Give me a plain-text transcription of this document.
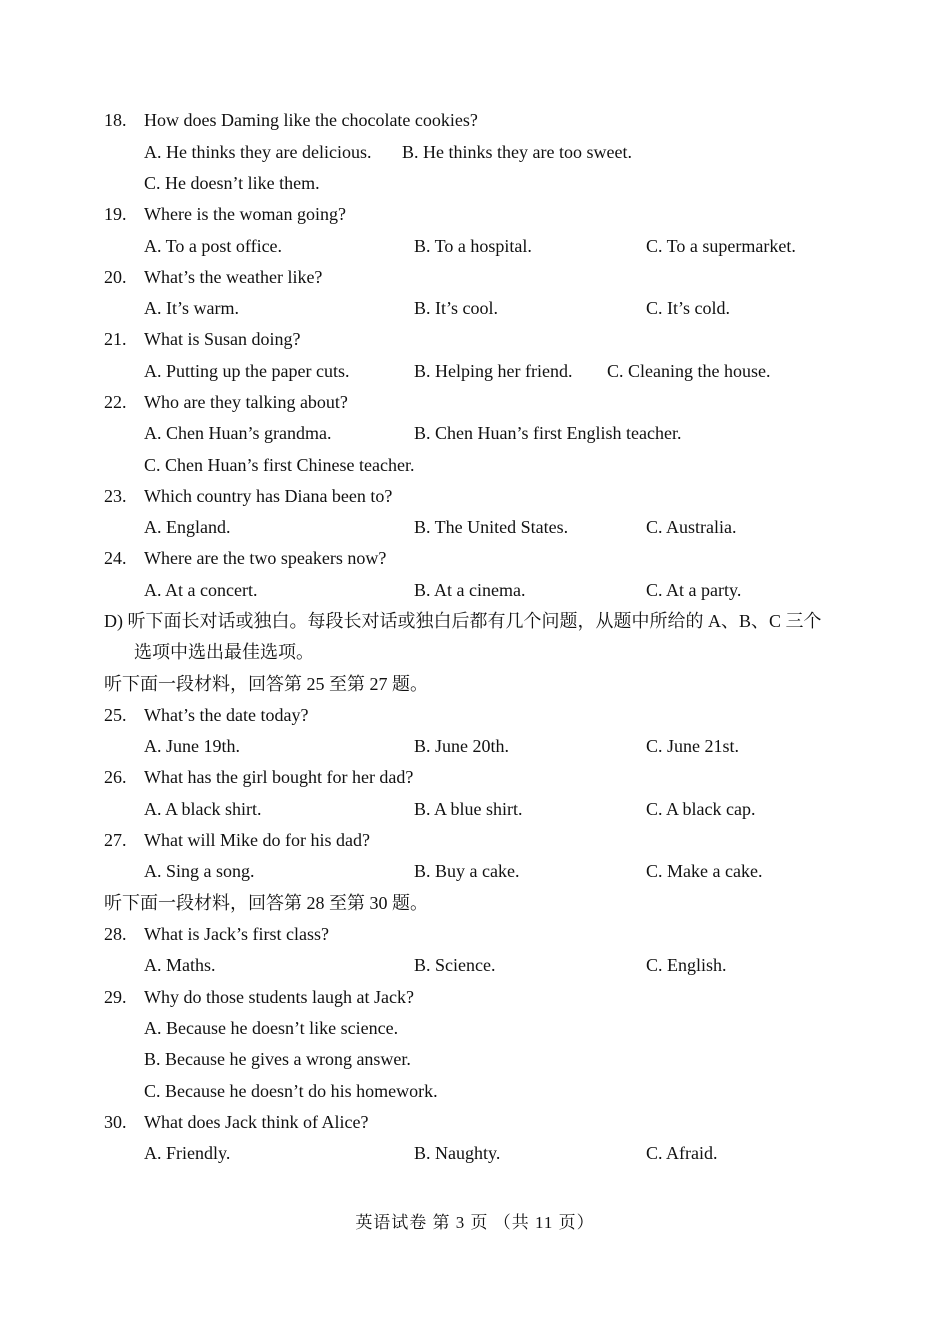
18. How does Daming like the chocolate cookies?
A. He thinks they are delicious. B. He thinks they are too sweet.
C. He doesn’t like them.
19. Where is the woman going?
A. To a post office.	B. To a hospital.	C. To a supermarket.
20. What’s the weather like?
A. It’s warm.	B. It’s cool.	C. It’s cold.
21. What is Susan doing?
A. Putting up the paper cuts.	B. Helping her friend. C. Cleaning the house.
22. Who are they talking about?
A. Chen Huan’s grandma.	B. Chen Huan’s first English teacher.
C. Chen Huan’s first Chinese teacher.
23. Which country has Diana been to?
A. England.	B. The United States.	C. Australia.
24. Where are the two speakers now?
A. At a concert.	B. At a cinema.	C. At a party.
D) 听下面长对话或独白。每段长对话或独白后都有几个问题，从题中所给的 A、B、C 三个
选项中选出最佳选项。
听下面一段材料，回答第 25 至第 27 题。
25. What’s the date today?
A. June 19th.	B. June 20th.	C. June 21st.
26. What has the girl bought for her dad?
A. A black shirt.	B. A blue shirt.	C. A black cap.
27. What will Mike do for his dad?
A. Sing a song.	B. Buy a cake.	C. Make a cake.
听下面一段材料，回答第 28 至第 30 题。
28. What is Jack’s first class?
A. Maths.	B. Science.	C. English.
29. Why do those students laugh at Jack?
A. Because he doesn’t like science.
B. Because he gives a wrong answer.
C. Because he doesn’t do his homework.
30. What does Jack think of Alice?
A. Friendly.	B. Naughty.	C. Afraid.
英语试卷 第 3 页 （共 11 页）
